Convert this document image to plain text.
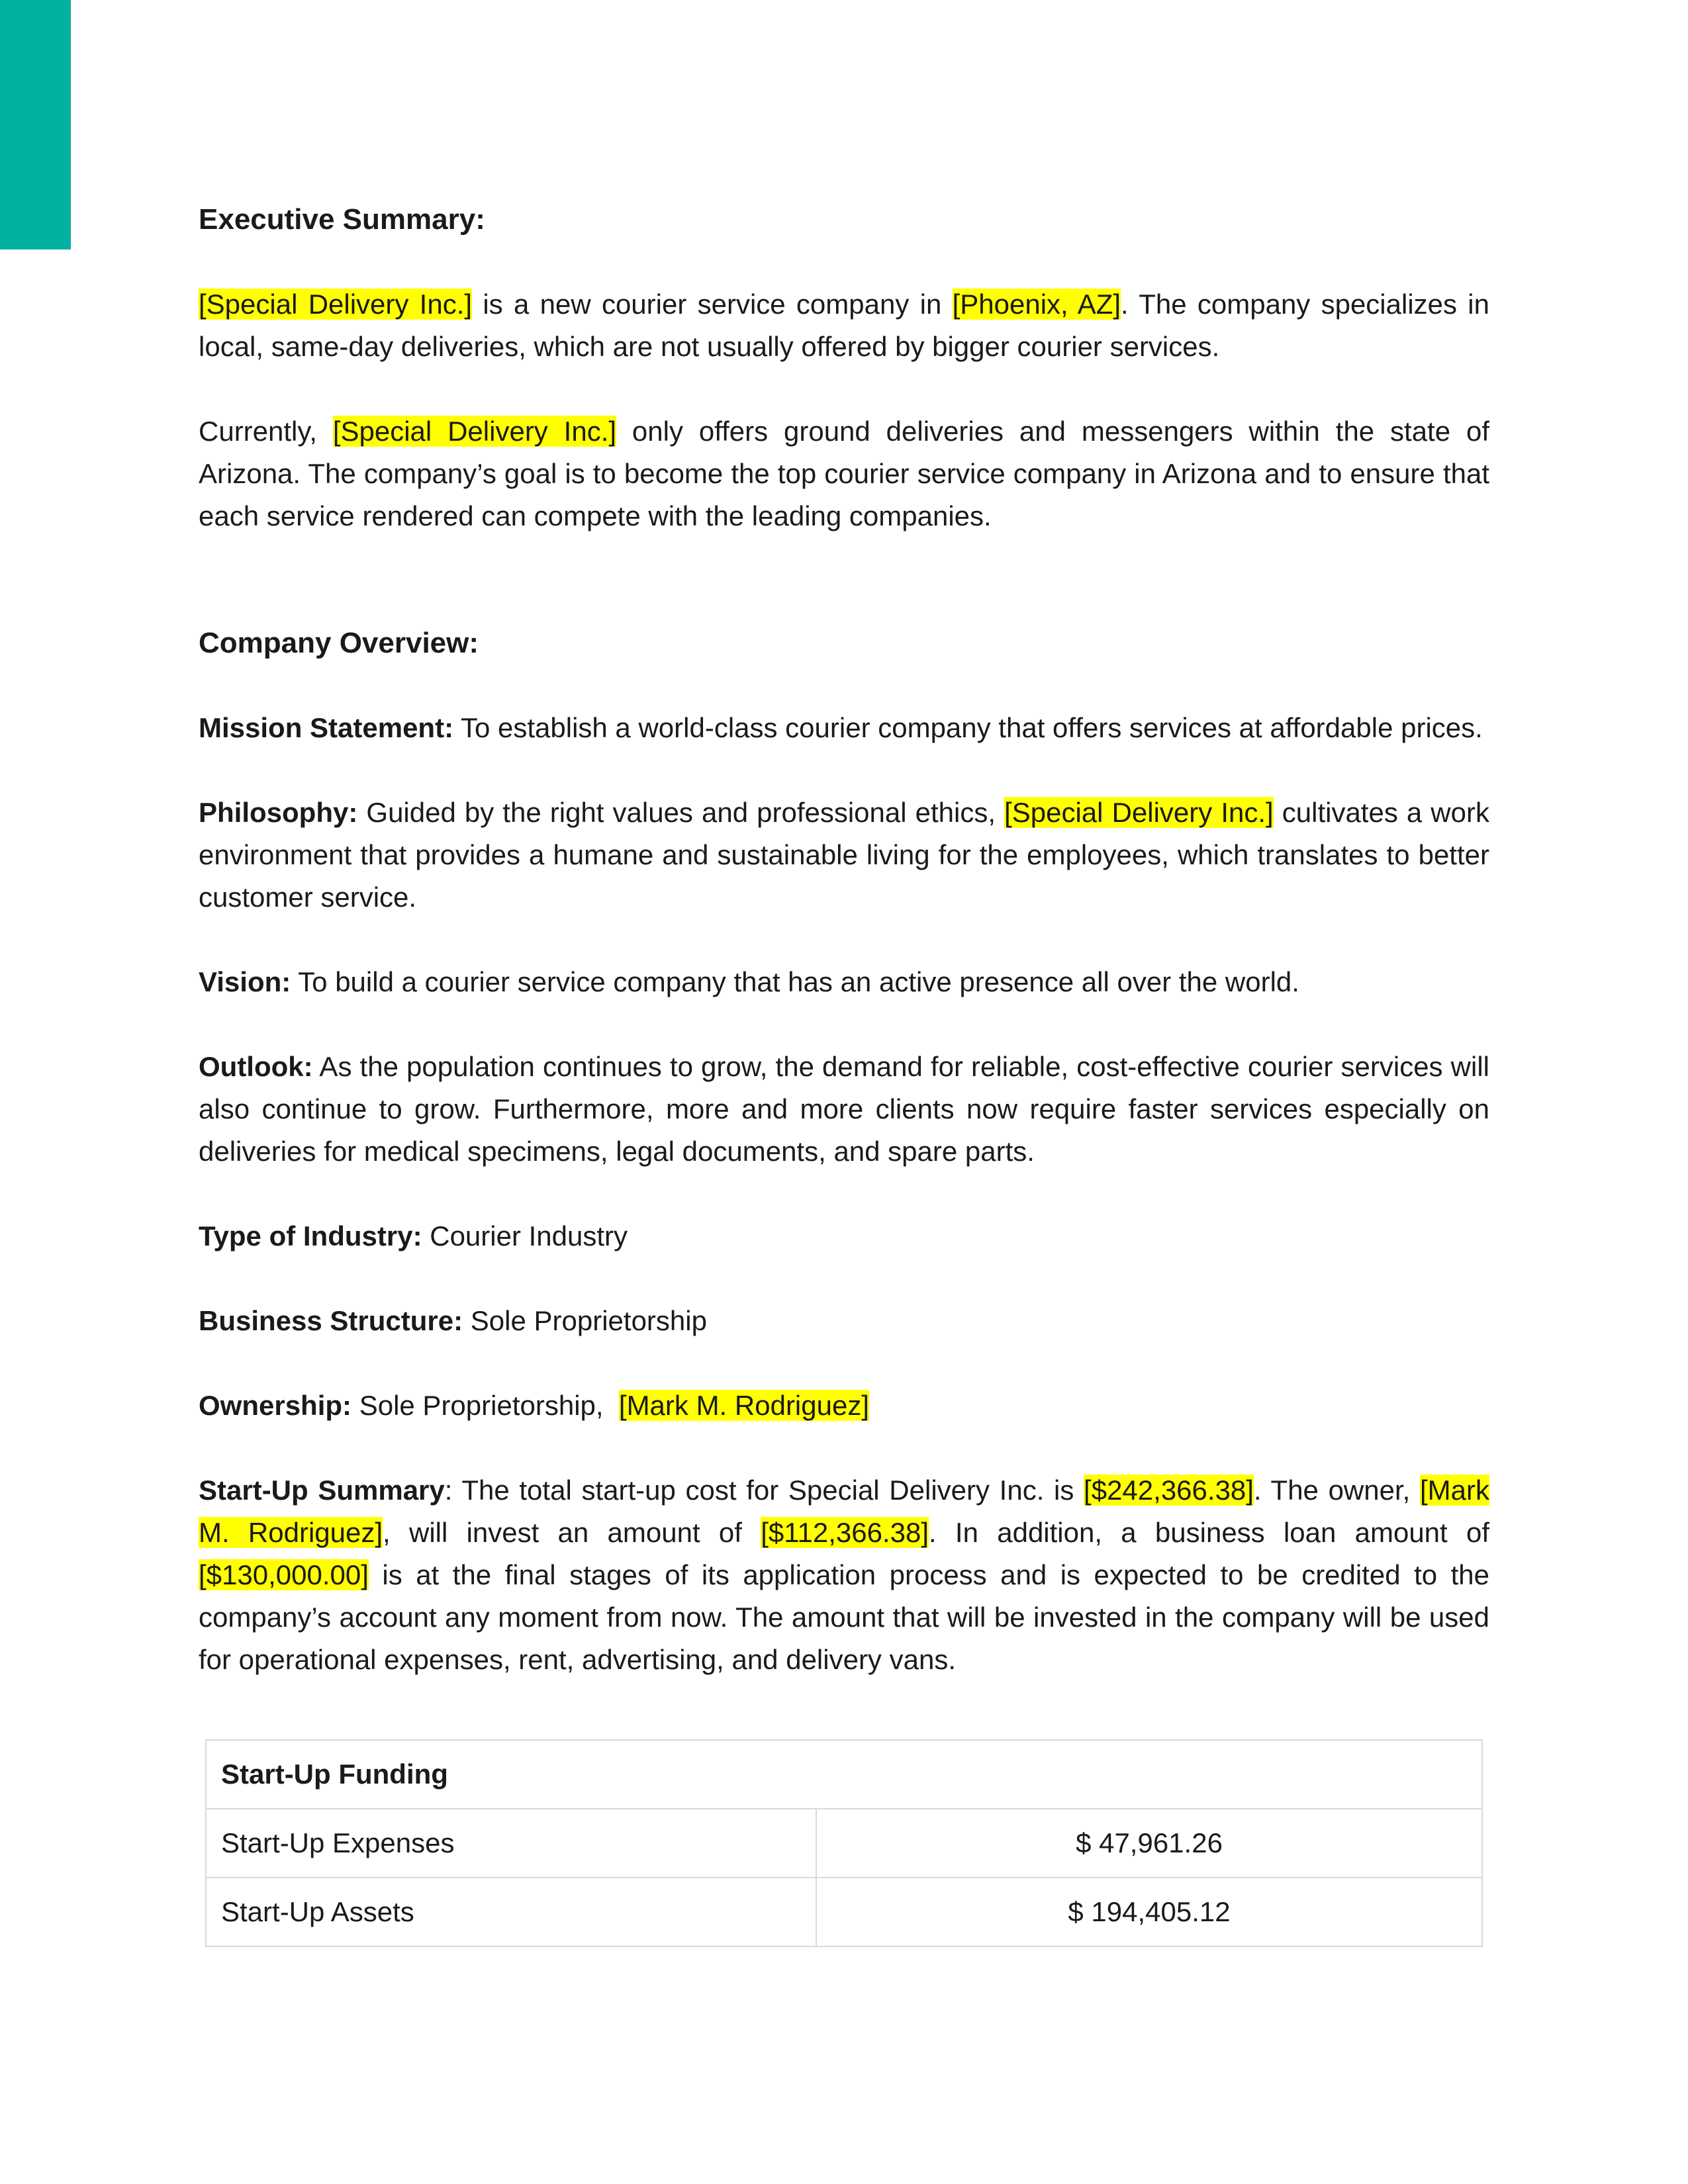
Executive Summary:

[Special Delivery Inc.] is a new courier service company in [Phoenix, AZ]. The company specializes in local, same-day deliveries, which are not usually offered by bigger courier services.

Currently, [Special Delivery Inc.] only offers ground deliveries and messengers within the state of Arizona. The company’s goal is to become the top courier service company in Arizona and to ensure that each service rendered can compete with the leading companies.

Company Overview:

Mission Statement: To establish a world-class courier company that offers services at affordable prices.

Philosophy: Guided by the right values and professional ethics, [Special Delivery Inc.] cultivates a work environment that provides a humane and sustainable living for the employees, which translates to better customer service.

Vision: To build a courier service company that has an active presence all over the world.

Outlook: As the population continues to grow, the demand for reliable, cost-effective courier services will also continue to grow. Furthermore, more and more clients now require faster services especially on deliveries for medical specimens, legal documents, and spare parts.

Type of Industry: Courier Industry

Business Structure: Sole Proprietorship

Ownership: Sole Proprietorship,  [Mark M. Rodriguez]

Start-Up Summary: The total start-up cost for Special Delivery Inc. is [$242,366.38]. The owner, [Mark M. Rodriguez], will invest an amount of [$112,366.38]. In addition, a business loan amount of [$130,000.00] is at the final stages of its application process and is expected to be credited to the company’s account any moment from now. The amount that will be invested in the company will be used for operational expenses, rent, advertising, and delivery vans.

Start-Up Funding	
Start-Up Expenses	$ 47,961.26
Start-Up Assets	$ 194,405.12
